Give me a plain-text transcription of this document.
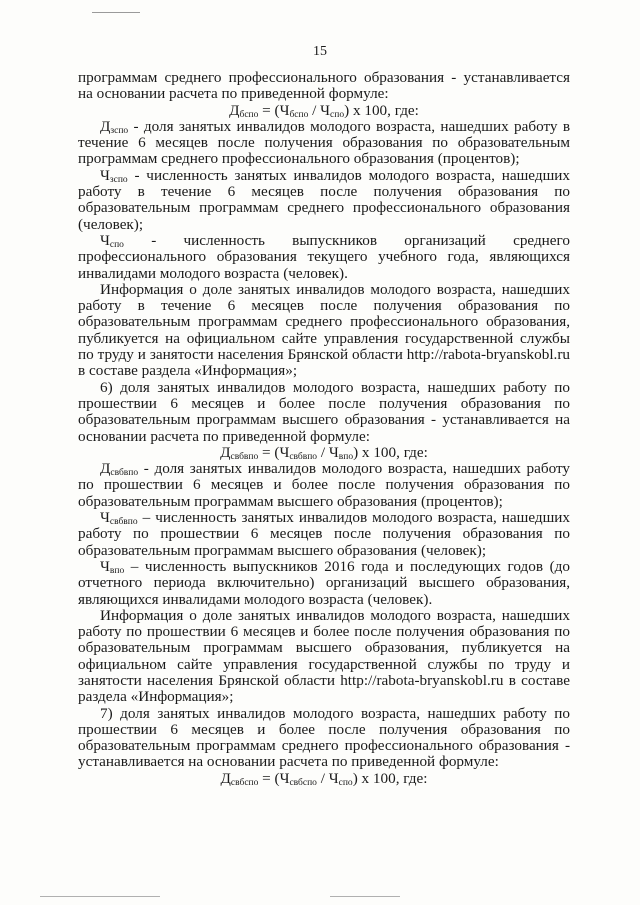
15

программам среднего профессионального образования - устанавливается на основании расчета по приведенной формуле:

$Д_{бспо} = (Ч_{бспо} / Ч_{спо})$ х 100, где:

$Д_{зспо}$ - доля занятых инвалидов молодого возраста, нашедших работу в течение 6 месяцев после получения образования по образовательным программам среднего профессионального образования (процентов);

$Ч_{зспо}$ - численность занятых инвалидов молодого возраста, нашедших работу в течение 6 месяцев после получения образования по образовательным программам среднего профессионального образования (человек);

$Ч_{спо}$ - численность выпускников организаций среднего профессионального образования текущего учебного года, являющихся инвалидами молодого возраста (человек).

Информация о доле занятых инвалидов молодого возраста, нашедших работу в течение 6 месяцев после получения образования по образовательным программам среднего профессионального образования, публикуется на официальном сайте управления государственной службы по труду и занятости населения Брянской области http://rabota-bryanskobl.ru в составе раздела «Информация»;

6) доля занятых инвалидов молодого возраста, нашедших работу по прошествии 6 месяцев и более после получения образования по образовательным программам высшего образования - устанавливается на основании расчета по приведенной формуле:

$Д_{свбвпо} = (Ч_{свбвпо} / Ч_{впо})$ х 100, где:

$Д_{свбвпо}$ - доля занятых инвалидов молодого возраста, нашедших работу по прошествии 6 месяцев и более после получения образования по образовательным программам высшего образования (процентов);

$Ч_{свбвпо}$ – численность занятых инвалидов молодого возраста, нашедших работу по прошествии 6 месяцев после получения образования по образовательным программам высшего образования (человек);

$Ч_{впо}$ – численность выпускников 2016 года и последующих годов (до отчетного периода включительно) организаций высшего образования, являющихся инвалидами молодого возраста (человек).

Информация о доле занятых инвалидов молодого возраста, нашедших работу по прошествии 6 месяцев и более после получения образования по образовательным программам высшего образования, публикуется на официальном сайте управления государственной службы по труду и занятости населения Брянской области http://rabota-bryanskobl.ru в составе раздела «Информация»;

7) доля занятых инвалидов молодого возраста, нашедших работу по прошествии 6 месяцев и более после получения образования по образовательным программам среднего профессионального образования - устанавливается на основании расчета по приведенной формуле:

$Д_{свбспо} = (Ч_{свбспо} / Ч_{спо})$ х 100, где:
